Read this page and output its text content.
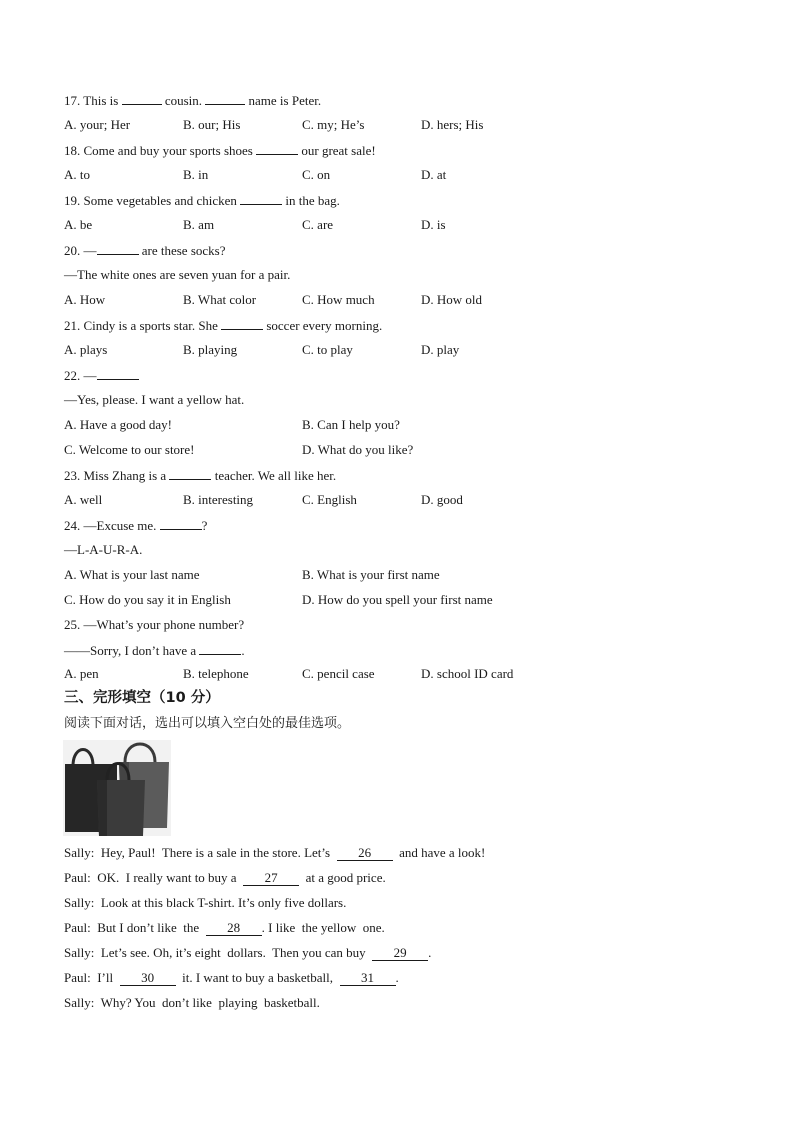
17. This is	cousin.	name is Peter.
A. your; Her	B. our; His	C. my; He’s	D. hers; His
18. Come and buy your sports shoes	our great sale!
A. to	B. in	C. on	D. at
19. Some vegetables and chicken	in the bag.
A. be	B. am	C. are	D. is
20. —	are these socks?
—The white ones are seven yuan for a pair.
A. How	B. What color	C. How much	D. How old
21. Cindy is a sports star. She	soccer every morning.
A. plays	B. playing	C. to play	D. play
22. —
—Yes, please. I want a yellow hat.
A. Have a good day!	B. Can I help you?
C. Welcome to our store!	D. What do you like?
23. Miss Zhang is a	teacher. We all like her.
A. well	B. interesting	C. English	D. good
24. —Excuse me.	?
—L-A-U-R-A.
A. What is your last name	B. What is your first name
C. How do you say it in English	D. How do you spell your first name
25. —What’s your phone number?
——Sorry, I don’t have a	.
A. pen	B. telephone	C. pencil case	D. school ID card
三、完形填空（10 分）
阅读下面对话，选出可以填入空白处的最佳选项。
Sally:  Hey, Paul!  There is a sale in the store. Let’s  26  and have a look!
Paul:  OK.  I really want to buy a  27  at a good price.
Sally:  Look at this black T-shirt. It’s only five dollars.
Paul:  But I don’t like  the  28 . I like  the yellow  one.
Sally:  Let’s see. Oh, it’s eight  dollars.  Then you can buy  29 .
Paul:  I’ll  30  it. I want to buy a basketball,  31 .
Sally:  Why? You  don’t like  playing  basketball.
